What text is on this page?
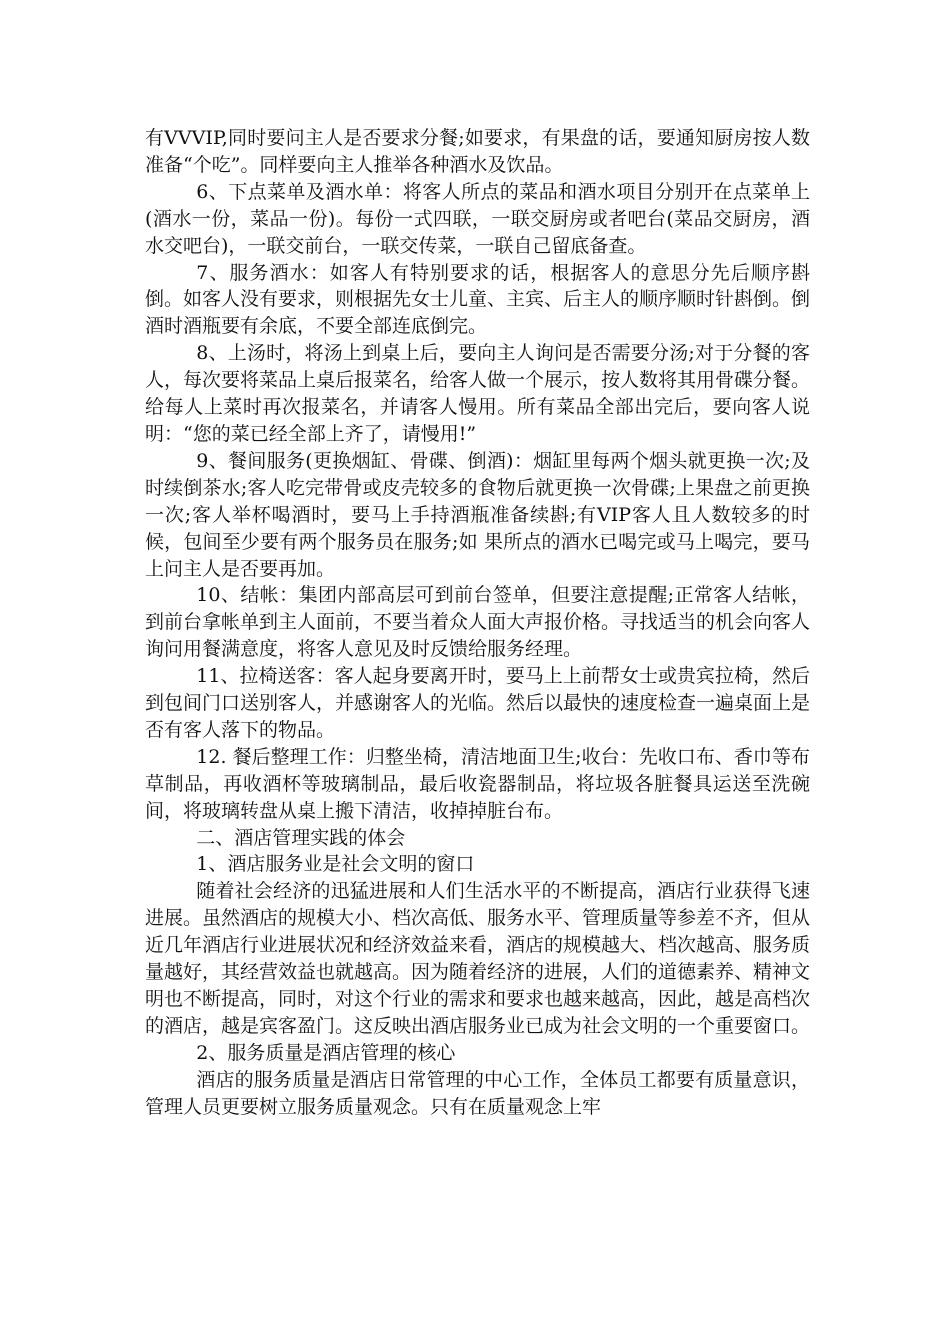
有VVVIP,同时要问主人是否要求分餐;如要求，有果盘的话，要通知厨房按人数准备“个吃”。同样要向主人推举各种酒水及饮品。

6、下点菜单及酒水单：将客人所点的菜品和酒水项目分别开在点菜单上(酒水一份，菜品一份)。每份一式四联，一联交厨房或者吧台(菜品交厨房，酒水交吧台)，一联交前台，一联交传菜，一联自己留底备查。

7、服务酒水：如客人有特别要求的话，根据客人的意思分先后顺序斟倒。如客人没有要求，则根据先女士儿童、主宾、后主人的顺序顺时针斟倒。倒酒时酒瓶要有余底，不要全部连底倒完。

8、上汤时，将汤上到桌上后，要向主人询问是否需要分汤;对于分餐的客人，每次要将菜品上桌后报菜名，给客人做一个展示，按人数将其用骨碟分餐。给每人上菜时再次报菜名，并请客人慢用。所有菜品全部出完后，要向客人说明：“您的菜已经全部上齐了，请慢用!”

9、餐间服务(更换烟缸、骨碟、倒酒)：烟缸里每两个烟头就更换一次;及时续倒茶水;客人吃完带骨或皮壳较多的食物后就更换一次骨碟;上果盘之前更换一次;客人举杯喝酒时，要马上手持酒瓶准备续斟;有VIP客人且人数较多的时候，包间至少要有两个服务员在服务;如 果所点的酒水已喝完或马上喝完，要马上问主人是否要再加。

10、结帐：集团内部高层可到前台签单，但要注意提醒;正常客人结帐，到前台拿帐单到主人面前，不要当着众人面大声报价格。寻找适当的机会向客人询问用餐满意度，将客人意见及时反馈给服务经理。

11、拉椅送客：客人起身要离开时，要马上上前帮女士或贵宾拉椅，然后到包间门口送别客人，并感谢客人的光临。然后以最快的速度检查一遍桌面上是否有客人落下的物品。

12. 餐后整理工作：归整坐椅，清洁地面卫生;收台：先收口布、香巾等布草制品，再收酒杯等玻璃制品，最后收瓷器制品，将垃圾各脏餐具运送至洗碗间，将玻璃转盘从桌上搬下清洁，收掉掉脏台布。

二、酒店管理实践的体会

1、酒店服务业是社会文明的窗口

随着社会经济的迅猛进展和人们生活水平的不断提高，酒店行业获得飞速进展。虽然酒店的规模大小、档次高低、服务水平、管理质量等参差不齐，但从近几年酒店行业进展状况和经济效益来看，酒店的规模越大、档次越高、服务质量越好，其经营效益也就越高。因为随着经济的进展，人们的道德素养、精神文明也不断提高，同时，对这个行业的需求和要求也越来越高，因此，越是高档次的酒店，越是宾客盈门。这反映出酒店服务业已成为社会文明的一个重要窗口。

2、服务质量是酒店管理的核心

酒店的服务质量是酒店日常管理的中心工作，全体员工都要有质量意识，管理人员更要树立服务质量观念。只有在质量观念上牢
